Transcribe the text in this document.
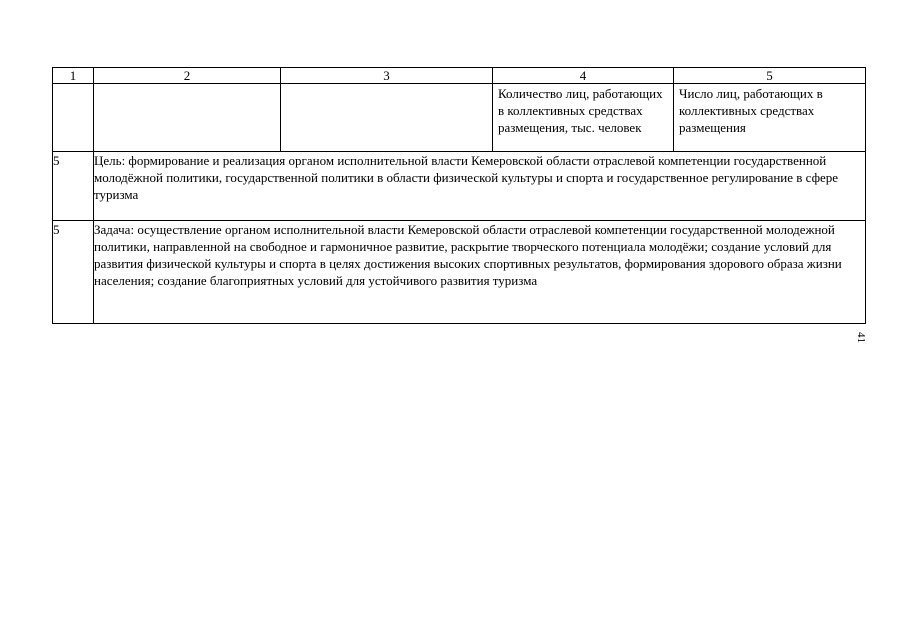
1	2	3	4	5

			Количество лиц, работающих в коллективных средствах размещения, тыс. человек	Число лиц, работающих в коллективных средствах размещения

5	Цель: формирование и реализация органом исполнительной власти Кемеровской области отраслевой компетенции государственной молодёжной политики, государственной политики в области физической культуры и спорта и государственное регулирование в сфере туризма			
5	Задача: осуществление органом исполнительной власти Кемеровской области отраслевой компетенции государственной молодежной политики, направленной на свободное и гармоничное развитие, раскрытие творческого потенциала молодёжи; создание условий для развития физической культуры и спорта в целях достижения высоких спортивных результатов, формирования здорового образа жизни населения; создание благоприятных условий для устойчивого развития туризма			
41
